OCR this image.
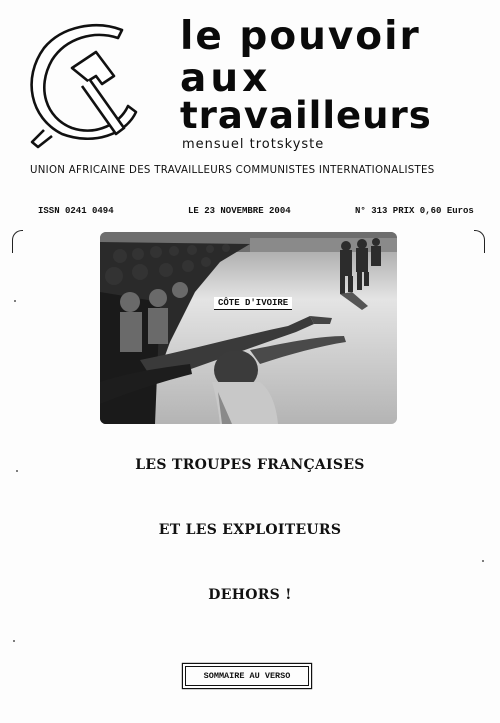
le pouvoir
aux
travailleurs
mensuel trotskyste
UNION AFRICAINE DES TRAVAILLEURS COMMUNISTES INTERNATIONALISTES
ISSN 0241 0494	LE 23 NOVEMBRE 2004	N° 313 PRIX 0,60 Euros
CÔTE D'IVOIRE
LES TROUPES FRANÇAISES
ET LES EXPLOITEURS
DEHORS !
SOMMAIRE AU VERSO
